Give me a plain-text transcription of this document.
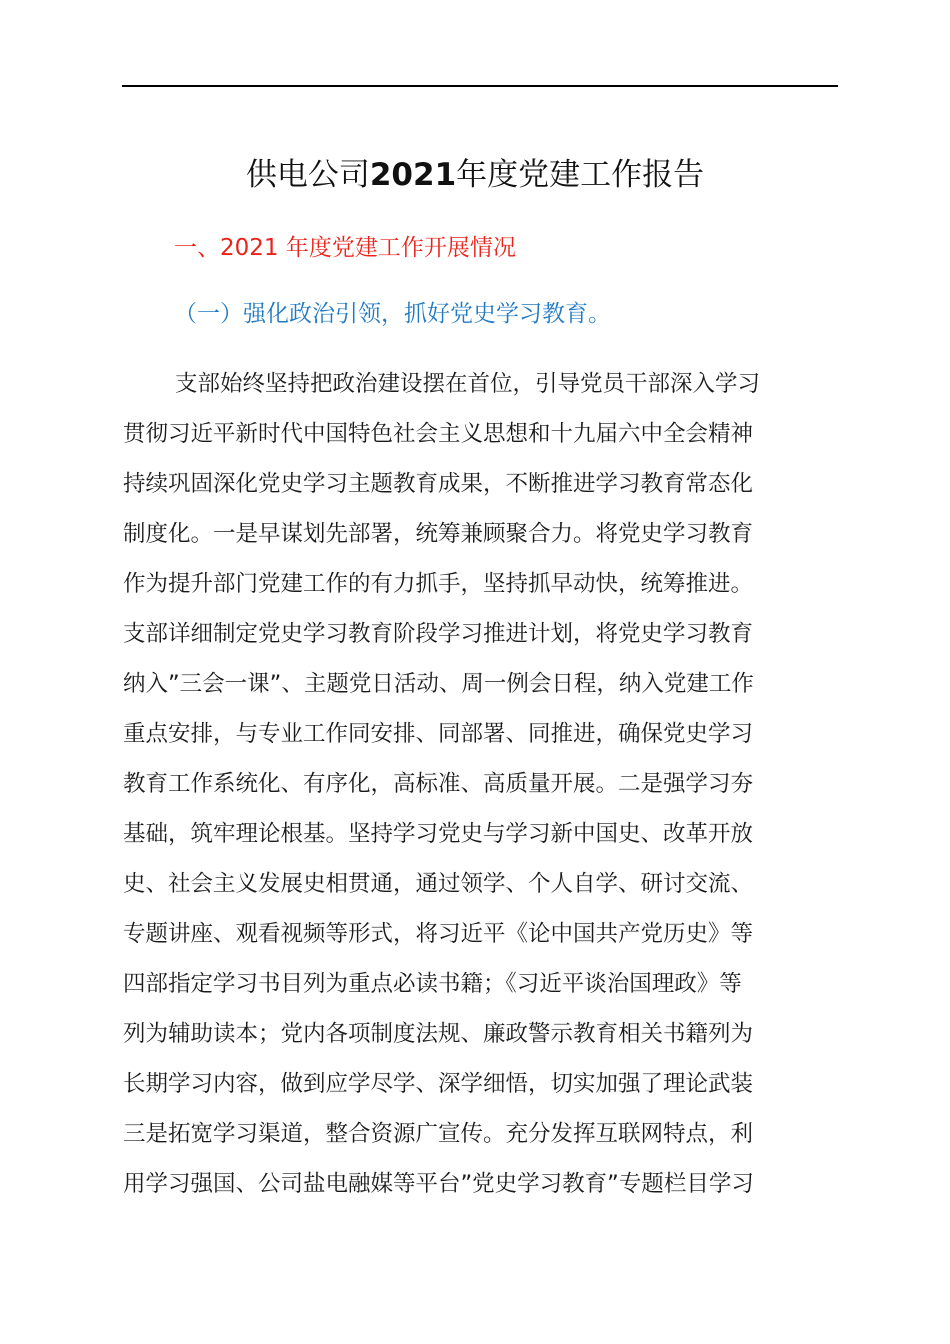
供电公司2021年度党建工作报告
一、2021 年度党建工作开展情况
（一）强化政治引领，抓好党史学习教育。
支部始终坚持把政治建设摆在首位，引导党员干部深入学习
贯彻习近平新时代中国特色社会主义思想和十九届六中全会精神
持续巩固深化党史学习主题教育成果，不断推进学习教育常态化
制度化。一是早谋划先部署，统筹兼顾聚合力。将党史学习教育
作为提升部门党建工作的有力抓手，坚持抓早动快，统筹推进。
支部详细制定党史学习教育阶段学习推进计划，将党史学习教育
纳入”三会一课”、主题党日活动、周一例会日程，纳入党建工作
重点安排，与专业工作同安排、同部署、同推进，确保党史学习
教育工作系统化、有序化，高标准、高质量开展。二是强学习夯
基础，筑牢理论根基。坚持学习党史与学习新中国史、改革开放
史、社会主义发展史相贯通，通过领学、个人自学、研讨交流、
专题讲座、观看视频等形式，将习近平《论中国共产党历史》等
四部指定学习书目列为重点必读书籍；《习近平谈治国理政》等
列为辅助读本；党内各项制度法规、廉政警示教育相关书籍列为
长期学习内容，做到应学尽学、深学细悟，切实加强了理论武装
三是拓宽学习渠道，整合资源广宣传。充分发挥互联网特点，利
用学习强国、公司盐电融媒等平台”党史学习教育”专题栏目学习
